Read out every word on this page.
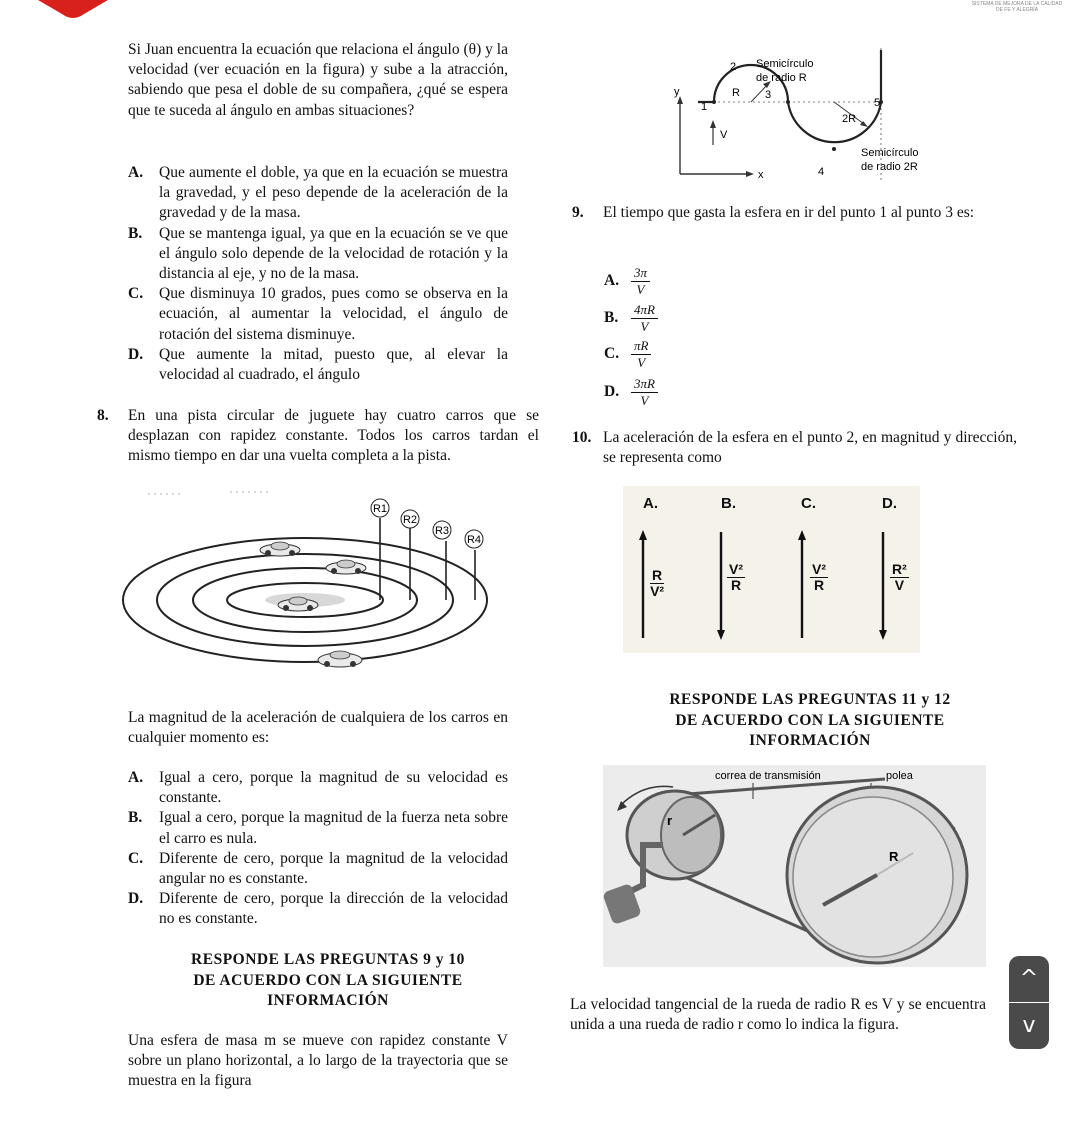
SISTEMA DE MEJORA DE LA CALIDAD
DE FE Y ALEGRÍA
Si Juan encuentra la ecuación que relaciona el ángulo (θ) y la velocidad (ver ecuación en la figura) y sube a la atracción, sabiendo que pesa el doble de su compañera, ¿qué se espera que te suceda al ángulo en ambas situaciones?
A. Que aumente el doble, ya que en la ecuación se muestra la gravedad, y el peso depende de la aceleración de la gravedad y de la masa.
B. Que se mantenga igual, ya que en la ecuación se ve que el ángulo solo depende de la velocidad de rotación y la distancia al eje, y no de la masa.
C. Que disminuya 10 grados, pues como se observa en la ecuación, al aumentar la velocidad, el ángulo de rotación del sistema disminuye.
D. Que aumente la mitad, puesto que, al elevar la velocidad al cuadrado, el ángulo
8. En una pista circular de juguete hay cuatro carros que se desplazan con rapidez constante. Todos los carros tardan el mismo tiempo en dar una vuelta completa a la pista.
R1
R2
R3
R4
La magnitud de la aceleración de cualquiera de los carros en cualquier momento es:
A. Igual a cero, porque la magnitud de su velocidad es constante.
B. Igual a cero, porque la magnitud de la fuerza neta sobre el carro es nula.
C. Diferente de cero, porque la magnitud de la velocidad angular no es constante.
D. Diferente de cero, porque la dirección de la velocidad no es constante.
RESPONDE LAS PREGUNTAS 9 y 10
DE ACUERDO CON LA SIGUIENTE
INFORMACIÓN
Una esfera de masa m se mueve con rapidez constante V sobre un plano horizontal, a lo largo de la trayectoria que se muestra en la figura
y
x
V
1
2
3
4
5
R
2R
Semicírculo
de radio R
Semicírculo
de radio 2R
9. El tiempo que gasta la esfera en ir del punto 1 al punto 3 es:
A. $\frac{3\pi}{V}$
B. $\frac{4\pi R}{V}$
C. $\frac{\pi R}{V}$
D. $\frac{3\pi R}{V}$
10. La aceleración de la esfera en el punto 2, en magnitud y dirección, se representa como
A.	B.	C.	D.
$\frac{R}{\text{V²}}$	$\frac{\text{V²}}{R}$	$\frac{\text{V²}}{R}$	$\frac{\text{R²}}{V}$
RESPONDE LAS PREGUNTAS 11 y 12
DE ACUERDO CON LA SIGUIENTE
INFORMACIÓN
correa de transmisión	polea
R
r
La velocidad tangencial de la rueda de radio R es V y se encuentra unida a una rueda de radio r como lo indica la figura.
^
v
